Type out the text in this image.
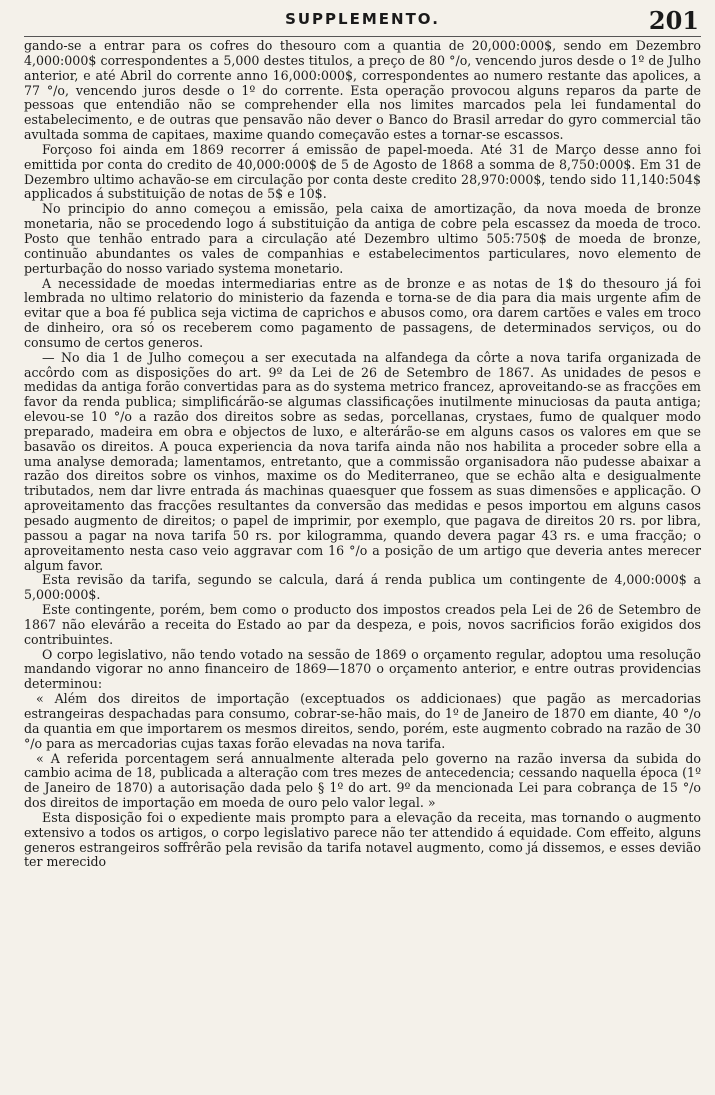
SUPPLEMENTO.	201

gando-se a entrar para os cofres do thesouro com a quantia de 20,000:000$, sendo em Dezembro 4,000:000$ correspondentes a 5,000 destes titulos, a preço de 80 °/o, vencendo juros desde o 1º de Julho anterior, e até Abril do corrente anno 16,000:000$, correspondentes ao numero restante das apolices, a 77 °/o, vencendo juros desde o 1º do corrente. Esta operação provocou alguns reparos da parte de pessoas que entendião não se comprehender ella nos limites marcados pela lei fundamental do estabelecimento, e de outras que pensavão não dever o Banco do Brasil arredar do gyro commercial tão avultada somma de capitaes, maxime quando começavão estes a tornar-se escassos.

Forçoso foi ainda em 1869 recorrer á emissão de papel-moeda. Até 31 de Março desse anno foi emittida por conta do credito de 40,000:000$ de 5 de Agosto de 1868 a somma de 8,750:000$. Em 31 de Dezembro ultimo achavão-se em circulação por conta deste credito 28,970:000$, tendo sido 11,140:504$ applicados á substituição de notas de 5$ e 10$.

No principio do anno começou a emissão, pela caixa de amortização, da nova moeda de bronze monetaria, não se procedendo logo á substituição da antiga de cobre pela escassez da moeda de troco. Posto que tenhão entrado para a circulação até Dezembro ultimo 505:750$ de moeda de bronze, continuão abundantes os vales de companhias e estabelecimentos particulares, novo elemento de perturbação do nosso variado systema monetario.

A necessidade de moedas intermediarias entre as de bronze e as notas de 1$ do thesouro já foi lembrada no ultimo relatorio do ministerio da fazenda e torna-se de dia para dia mais urgente afim de evitar que a boa fé publica seja victima de caprichos e abusos como, ora darem cartões e vales em troco de dinheiro, ora só os receberem como pagamento de passagens, de determinados serviços, ou do consumo de certos generos.

— No dia 1 de Julho começou a ser executada na alfandega da côrte a nova tarifa organizada de accôrdo com as disposições do art. 9º da Lei de 26 de Setembro de 1867. As unidades de pesos e medidas da antiga forão convertidas para as do systema metrico francez, aproveitando-se as fracções em favor da renda publica; simplificárão-se algumas classificações inutilmente minuciosas da pauta antiga; elevou-se 10 °/o a razão dos direitos sobre as sedas, porcellanas, crystaes, fumo de qualquer modo preparado, madeira em obra e objectos de luxo, e alterárão-se em alguns casos os valores em que se basavão os direitos. A pouca experiencia da nova tarifa ainda não nos habilita a proceder sobre ella a uma analyse demorada; lamentamos, entretanto, que a commissão organisadora não pudesse abaixar a razão dos direitos sobre os vinhos, maxime os do Mediterraneo, que se echão alta e desigualmente tributados, nem dar livre entrada ás machinas quaesquer que fossem as suas dimensões e applicação. O aproveitamento das fracções resultantes da conversão das medidas e pesos importou em alguns casos pesado augmento de direitos; o papel de imprimir, por exemplo, que pagava de direitos 20 rs. por libra, passou a pagar na nova tarifa 50 rs. por kilogramma, quando devera pagar 43 rs. e uma fracção; o aproveitamento nesta caso veio aggravar com 16 °/o a posição de um artigo que deveria antes merecer algum favor.

Esta revisão da tarifa, segundo se calcula, dará á renda publica um contingente de 4,000:000$ a 5,000:000$.

Este contingente, porém, bem como o producto dos impostos creados pela Lei de 26 de Setembro de 1867 não elevárão a receita do Estado ao par da despeza, e pois, novos sacrificios forão exigidos dos contribuintes.

O corpo legislativo, não tendo votado na sessão de 1869 o orçamento regular, adoptou uma resolução mandando vigorar no anno financeiro de 1869—1870 o orçamento anterior, e entre outras providencias determinou:

« Além dos direitos de importação (exceptuados os addicionaes) que pagão as mercadorias estrangeiras despachadas para consumo, cobrar-se-hão mais, do 1º de Janeiro de 1870 em diante, 40 °/o da quantia em que importarem os mesmos direitos, sendo, porém, este augmento cobrado na razão de 30 °/o para as mercadorias cujas taxas forão elevadas na nova tarifa.

« A referida porcentagem será annualmente alterada pelo governo na razão inversa da subida do cambio acima de 18, publicada a alteração com tres mezes de antecedencia; cessando naquella época (1º de Janeiro de 1870) a autorisação dada pelo § 1º do art. 9º da mencionada Lei para cobrança de 15 °/o dos direitos de importação em moeda de ouro pelo valor legal. »

Esta disposição foi o expediente mais prompto para a elevação da receita, mas tornando o augmento extensivo a todos os artigos, o corpo legislativo parece não ter attendido á equidade. Com effeito, alguns generos estrangeiros soffrêrão pela revisão da tarifa notavel augmento, como já dissemos, e esses devião ter merecido
